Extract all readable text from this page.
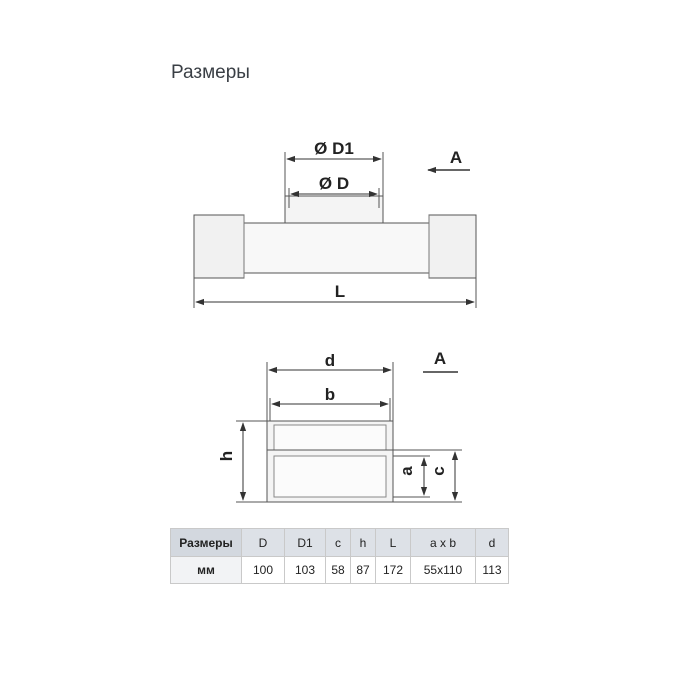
Размеры
Ø D1
Ø D
L
A
A
d
b
h
a c
Размеры	D	D1	c	h	L	a x b	d
мм	100	103	58	87	172	55x110	113
